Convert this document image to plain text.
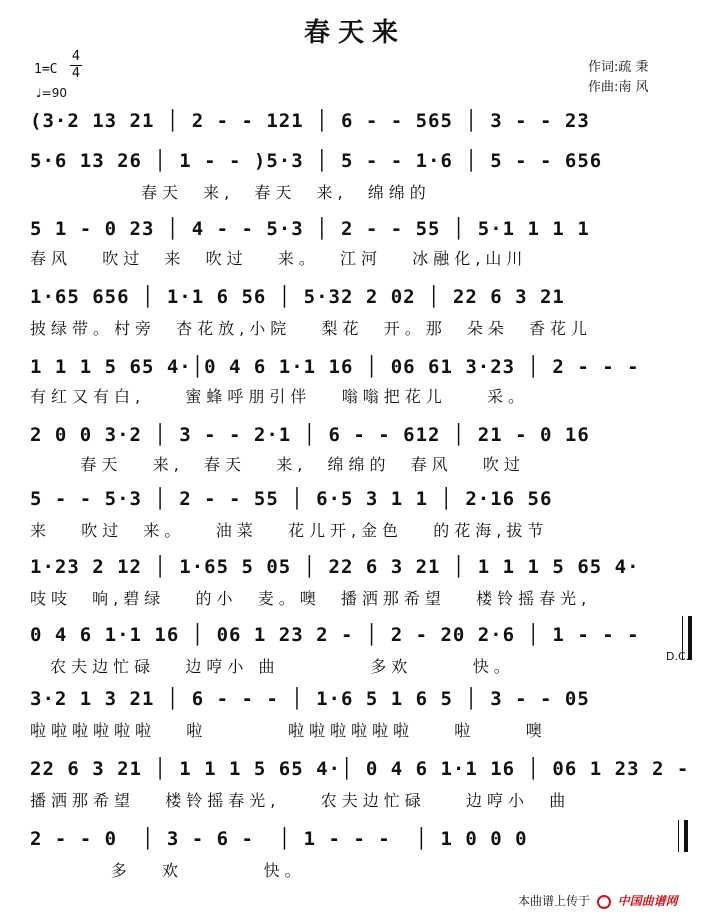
春天来
作词:疏 秉
作曲:南 风
1=C
4
4
♩=90
(3·2 13 21 │ 2 - - 121 │ 6 - - 565 │ 3 - - 23
5·6 13 26 │ 1 - - )5·3 │ 5 - - 1·6 │ 5 - - 656
春天  来,  春天  来,  绵绵的
5 1 - 0 23 │ 4 - - 5·3 │ 2 - - 55 │ 5·1 1 1 1
春风   吹过  来  吹过   来。  江河   冰融化,山川
1·65 656 │ 1·1 6 56 │ 5·32 2 02 │ 22 6 3 21
披绿带。村旁  杏花放,小院   梨花  开。那  朵朵  香花儿
1 1 1 5 65 4·│0 4 6 1·1 16 │ 06 61 3·23 │ 2 - - -
有红又有白,    蜜蜂呼朋引伴   嗡嗡把花儿    采。
2 0 0 3·2 │ 3 - - 2·1 │ 6 - - 612 │ 21 - 0 16
春天   来,  春天   来,  绵绵的  春风   吹过
5 - - 5·3 │ 2 - - 55 │ 6·5 3 1 1 │ 2·16 56
来   吹过  来。   油菜   花儿开,金色   的花海,拔节
1·23 2 12 │ 1·65 5 05 │ 22 6 3 21 │ 1 1 1 5 65 4·
吱吱  响,碧绿   的小  麦。噢  播洒那希望   楼铃摇春光,
0 4 6 1·1 16 │ 06 1 23 2 - │ 2 - 20 2·6 │ 1 - - -
农夫边忙碌   边哼小 曲         多欢      快。
3·2 1 3 21 │ 6 - - - │ 1·6 5 1 6 5 │ 3 - - 05
啦啦啦啦啦啦   啦        啦啦啦啦啦啦    啦     噢
22 6 3 21 │ 1 1 1 5 65 4·│ 0 4 6 1·1 16 │ 06 1 23 2 -
播洒那希望   楼铃摇春光,    农夫边忙碌    边哼小  曲
2 - - 0  │ 3 - 6 -  │ 1 - - -  │ 1 0 0 0
多   欢        快。
D.C.
本曲谱上传于 中国曲谱网
